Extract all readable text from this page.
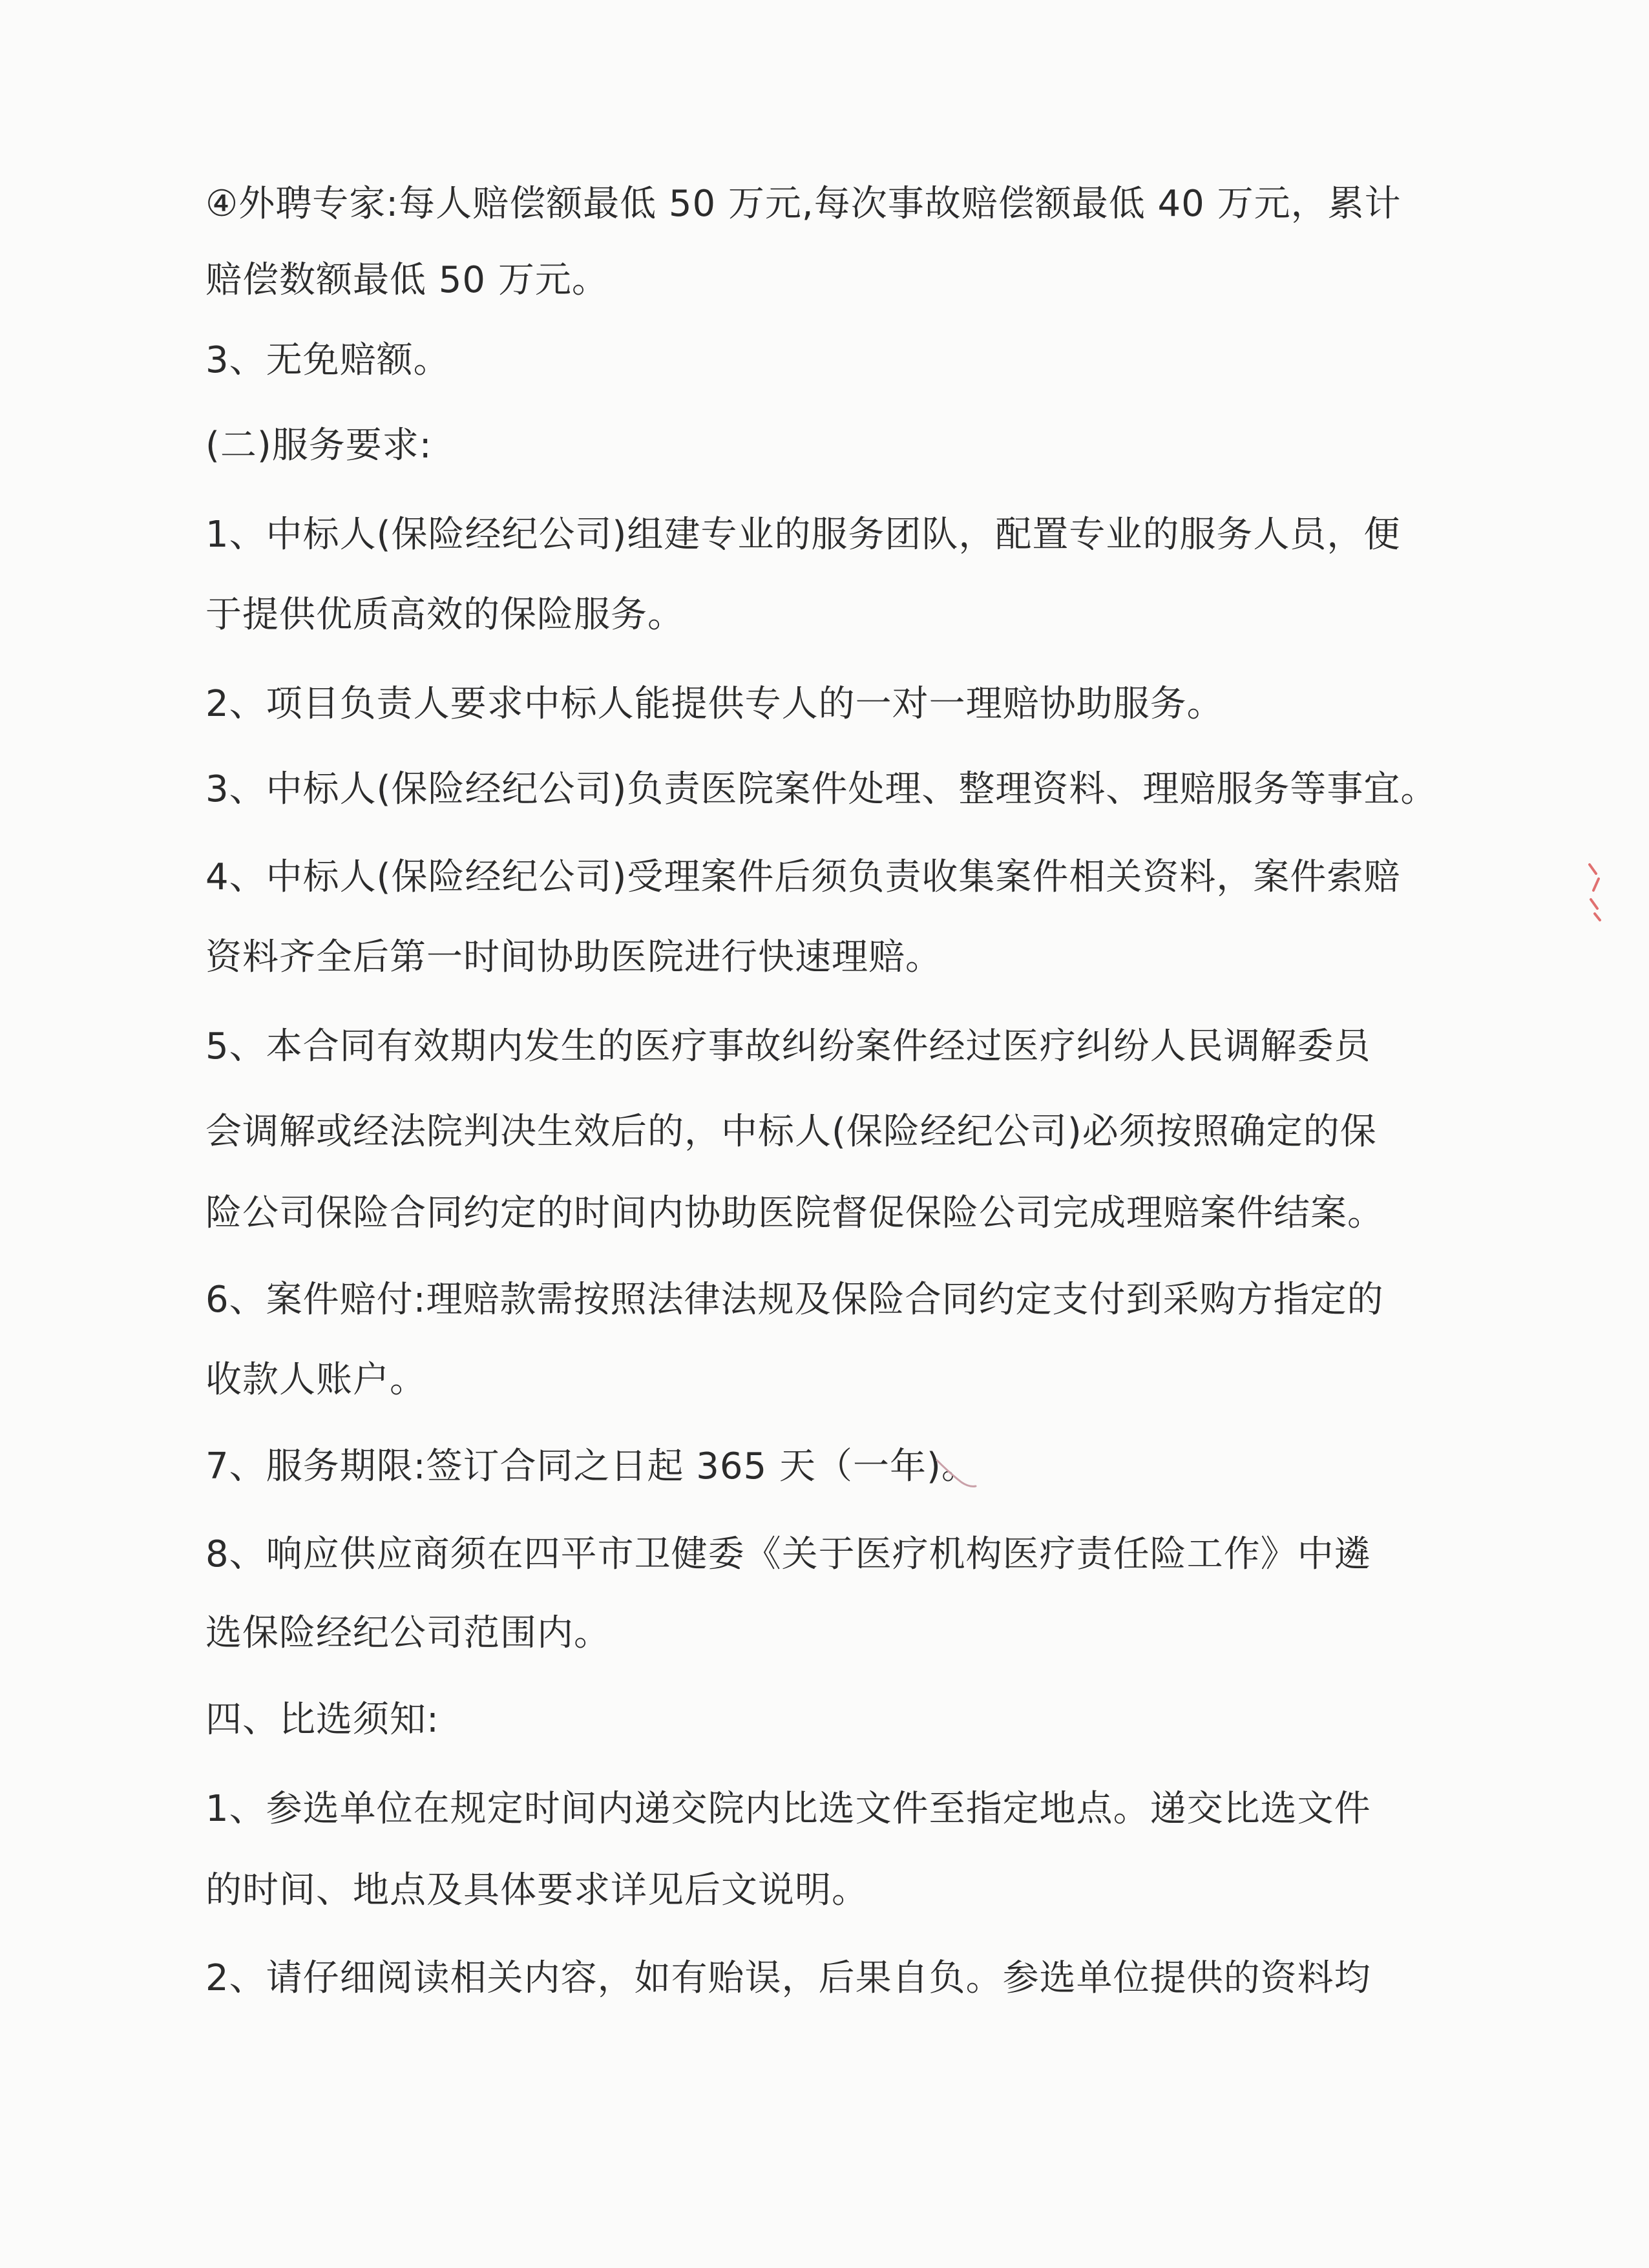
④外聘专家:每人赔偿额最低 50 万元,每次事故赔偿额最低 40 万元，累计
赔偿数额最低 50 万元。
3、无免赔额。
(二)服务要求:
1、中标人(保险经纪公司)组建专业的服务团队，配置专业的服务人员，便
于提供优质高效的保险服务。
2、项目负责人要求中标人能提供专人的一对一理赔协助服务。
3、中标人(保险经纪公司)负责医院案件处理、整理资料、理赔服务等事宜。
4、中标人(保险经纪公司)受理案件后须负责收集案件相关资料，案件索赔
资料齐全后第一时间协助医院进行快速理赔。
5、本合同有效期内发生的医疗事故纠纷案件经过医疗纠纷人民调解委员
会调解或经法院判决生效后的，中标人(保险经纪公司)必须按照确定的保
险公司保险合同约定的时间内协助医院督促保险公司完成理赔案件结案。
6、案件赔付:理赔款需按照法律法规及保险合同约定支付到采购方指定的
收款人账户。
7、服务期限:签订合同之日起 365 天（一年)。
8、响应供应商须在四平市卫健委《关于医疗机构医疗责任险工作》中遴
选保险经纪公司范围内。
四、比选须知:
1、参选单位在规定时间内递交院内比选文件至指定地点。递交比选文件
的时间、地点及具体要求详见后文说明。
2、请仔细阅读相关内容，如有贻误，后果自负。参选单位提供的资料均
